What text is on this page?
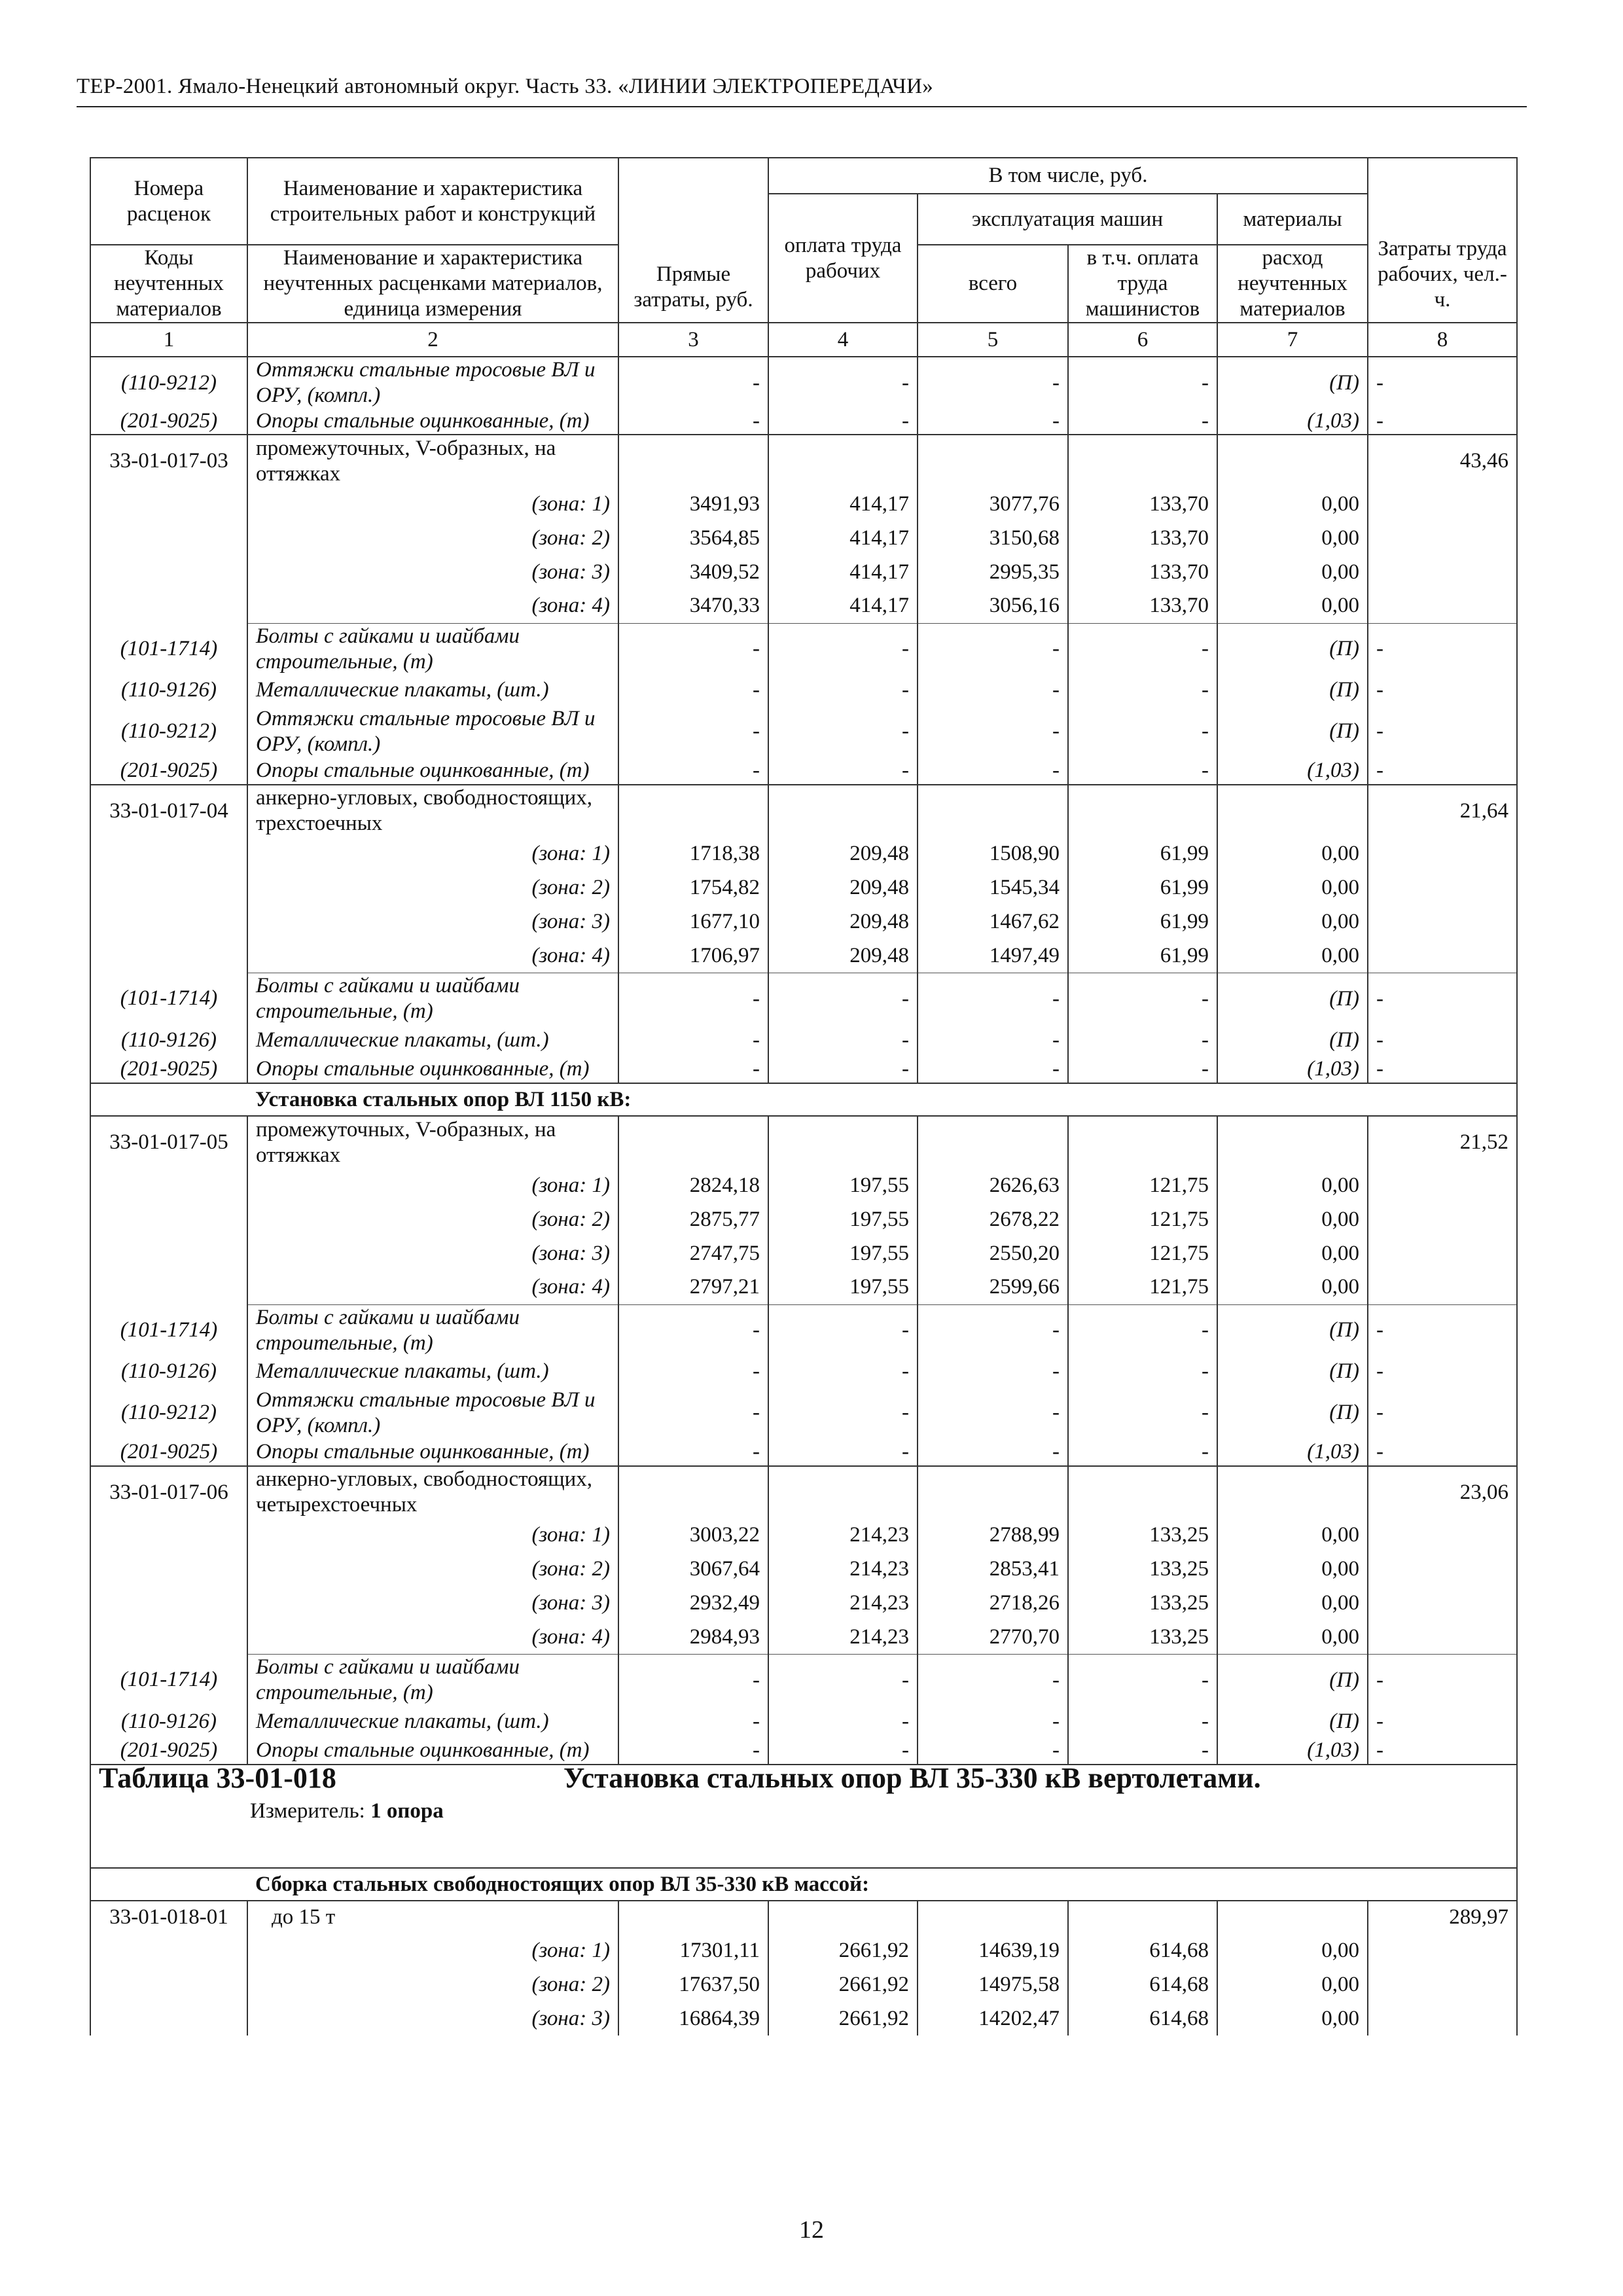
ТЕР-2001. Ямало-Ненецкий автономный округ. Часть 33. «ЛИНИИ ЭЛЕКТРОПЕРЕДАЧИ»
Номера расценок	Наименование и характеристика строительных работ и конструкций	Прямые затраты, руб.	В том числе, руб.				Затраты труда рабочих, чел.-ч.
			оплата труда рабочих	эксплуатация машин		материалы	
Коды неучтенных материалов	Наименование и характеристика неучтенных расценками материалов, единица измерения			всего	в т.ч. оплата труда машинистов	расход неучтенных материалов	
1	2	3	4	5	6	7	8
(110-9212)	Оттяжки стальные тросовые ВЛ и ОРУ, (компл.)	-	-	-	-	(П)	-
(201-9025)	Опоры стальные оцинкованные, (т)	-	-	-	-	(1,03)	-
33-01-017-03	промежуточных, V-образных, на оттяжках						43,46
	(зона: 1)	3491,93	414,17	3077,76	133,70	0,00	
	(зона: 2)	3564,85	414,17	3150,68	133,70	0,00	
	(зона: 3)	3409,52	414,17	2995,35	133,70	0,00	
	(зона: 4)	3470,33	414,17	3056,16	133,70	0,00	
(101-1714)	Болты с гайками и шайбами строительные, (т)	-	-	-	-	(П)	-
(110-9126)	Металлические плакаты, (шт.)	-	-	-	-	(П)	-
(110-9212)	Оттяжки стальные тросовые ВЛ и ОРУ, (компл.)	-	-	-	-	(П)	-
(201-9025)	Опоры стальные оцинкованные, (т)	-	-	-	-	(1,03)	-
33-01-017-04	анкерно-угловых, свободностоящих, трехстоечных						21,64
	(зона: 1)	1718,38	209,48	1508,90	61,99	0,00	
	(зона: 2)	1754,82	209,48	1545,34	61,99	0,00	
	(зона: 3)	1677,10	209,48	1467,62	61,99	0,00	
	(зона: 4)	1706,97	209,48	1497,49	61,99	0,00	
(101-1714)	Болты с гайками и шайбами строительные, (т)	-	-	-	-	(П)	-
(110-9126)	Металлические плакаты, (шт.)	-	-	-	-	(П)	-
(201-9025)	Опоры стальные оцинкованные, (т)	-	-	-	-	(1,03)	-
	Установка стальных опор ВЛ 1150 кВ:						
33-01-017-05	промежуточных, V-образных, на оттяжках						21,52
	(зона: 1)	2824,18	197,55	2626,63	121,75	0,00	
	(зона: 2)	2875,77	197,55	2678,22	121,75	0,00	
	(зона: 3)	2747,75	197,55	2550,20	121,75	0,00	
	(зона: 4)	2797,21	197,55	2599,66	121,75	0,00	
(101-1714)	Болты с гайками и шайбами строительные, (т)	-	-	-	-	(П)	-
(110-9126)	Металлические плакаты, (шт.)	-	-	-	-	(П)	-
(110-9212)	Оттяжки стальные тросовые ВЛ и ОРУ, (компл.)	-	-	-	-	(П)	-
(201-9025)	Опоры стальные оцинкованные, (т)	-	-	-	-	(1,03)	-
33-01-017-06	анкерно-угловых, свободностоящих, четырехстоечных						23,06
	(зона: 1)	3003,22	214,23	2788,99	133,25	0,00	
	(зона: 2)	3067,64	214,23	2853,41	133,25	0,00	
	(зона: 3)	2932,49	214,23	2718,26	133,25	0,00	
	(зона: 4)	2984,93	214,23	2770,70	133,25	0,00	
(101-1714)	Болты с гайками и шайбами строительные, (т)	-	-	-	-	(П)	-
(110-9126)	Металлические плакаты, (шт.)	-	-	-	-	(П)	-
(201-9025)	Опоры стальные оцинкованные, (т)	-	-	-	-	(1,03)	-

Таблица 33-01-018 Установка стальных опор ВЛ 35-330 кВ вертолетами.
Измеритель: 1 опора							

	Сборка стальных свободностоящих опор ВЛ 35-330 кВ массой:						
33-01-018-01	до 15 т						289,97
	(зона: 1)	17301,11	2661,92	14639,19	614,68	0,00	
	(зона: 2)	17637,50	2661,92	14975,58	614,68	0,00	
	(зона: 3)	16864,39	2661,92	14202,47	614,68	0,00	
12
